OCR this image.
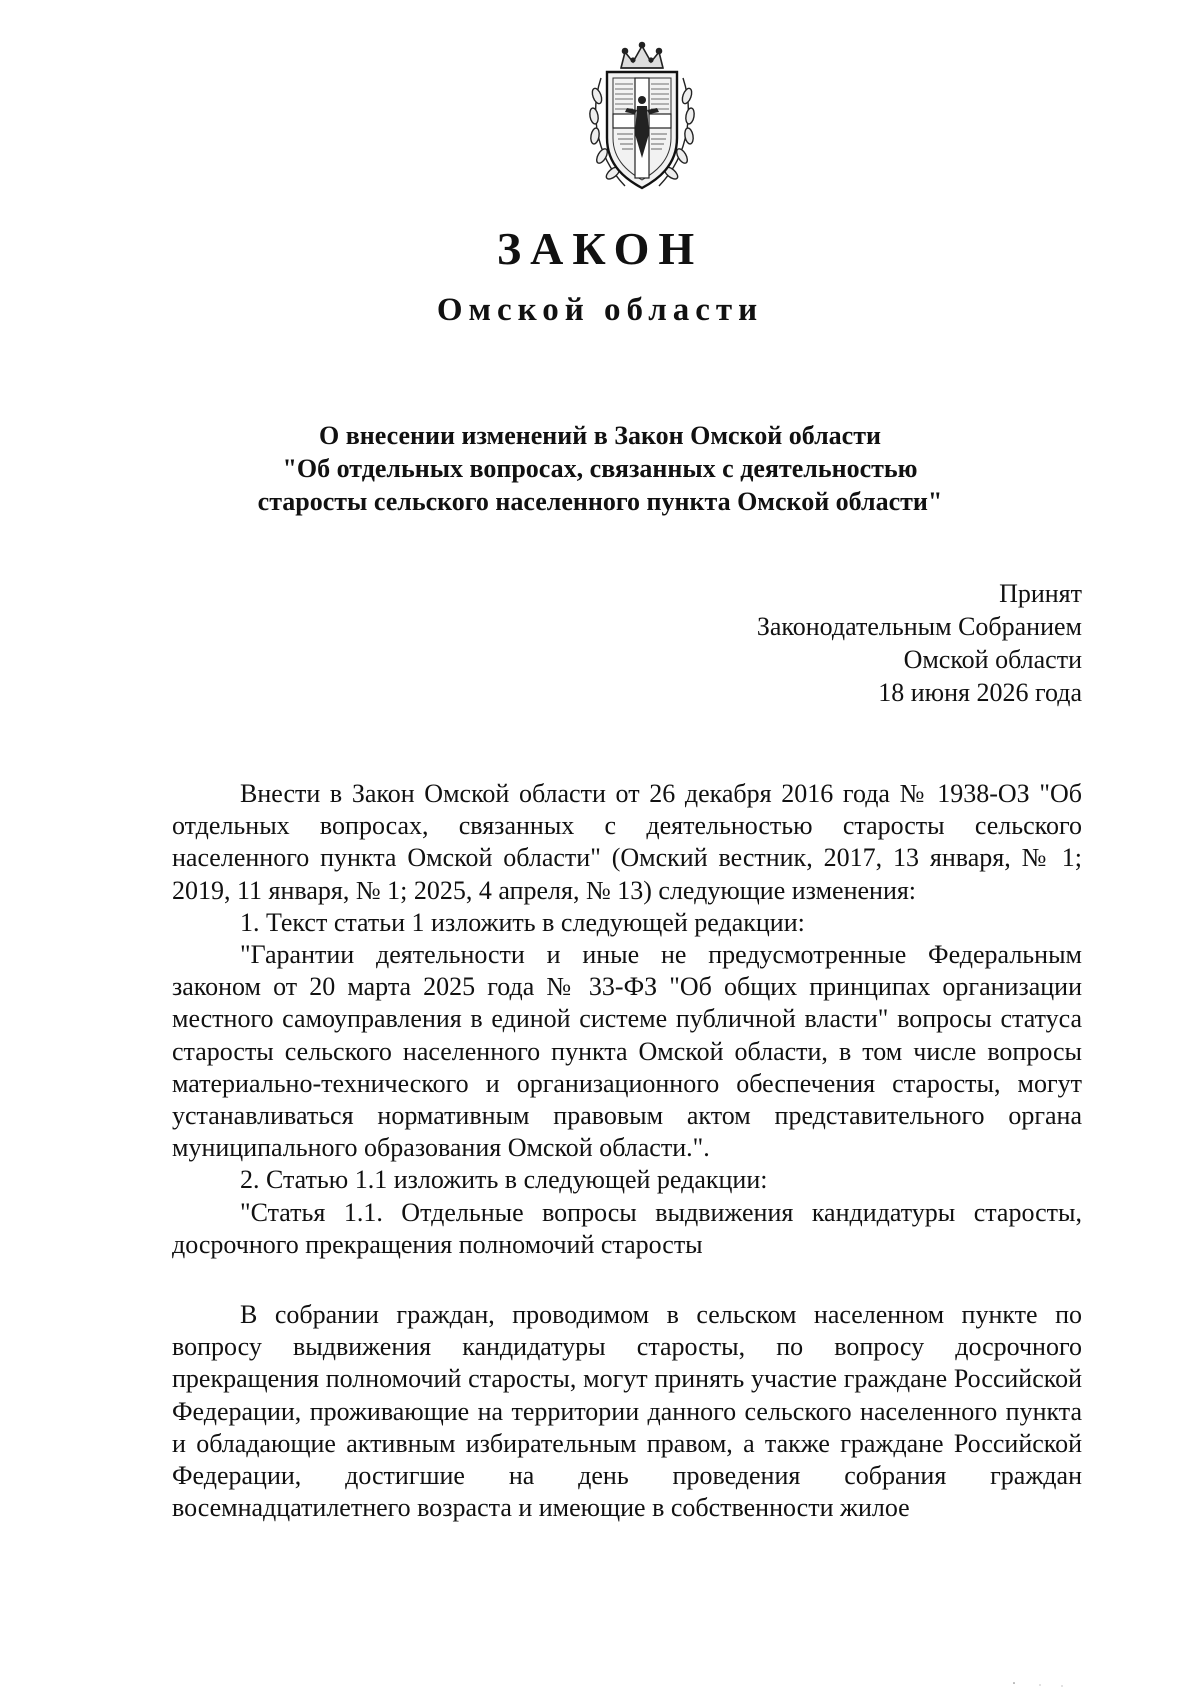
ЗАКОН
Омской области
О внесении изменений в Закон Омской области
"Об отдельных вопросах, связанных с деятельностью
старосты сельского населенного пункта Омской области"
Принят
Законодательным Собранием
Омской области
18 июня 2026 года

Внести в Закон Омской области от 26 декабря 2016 года № 1938-ОЗ "Об отдельных вопросах, связанных с деятельностью старосты сельского населенного пункта Омской области" (Омский вестник, 2017, 13 января, № 1; 2019, 11 января, № 1; 2025, 4 апреля, № 13) следующие изменения:

1. Текст статьи 1 изложить в следующей редакции:

"Гарантии деятельности и иные не предусмотренные Федеральным законом от 20 марта 2025 года № 33-ФЗ "Об общих принципах организации местного самоуправления в единой системе публичной власти" вопросы статуса старосты сельского населенного пункта Омской области, в том числе вопросы материально-технического и организационного обеспечения старосты, могут устанавливаться нормативным правовым актом представительного органа муниципального образования Омской области.".

2. Статью 1.1 изложить в следующей редакции:

"Статья 1.1. Отдельные вопросы выдвижения кандидатуры старосты, досрочного прекращения полномочий старосты

В собрании граждан, проводимом в сельском населенном пункте по вопросу выдвижения кандидатуры старосты, по вопросу досрочного прекращения полномочий старосты, могут принять участие граждане Российской Федерации, проживающие на территории данного сельского населенного пункта и обладающие активным избирательным правом, а также граждане Российской Федерации, достигшие на день проведения собрания граждан восемнадцатилетнего возраста и имеющие в собственности жилое
